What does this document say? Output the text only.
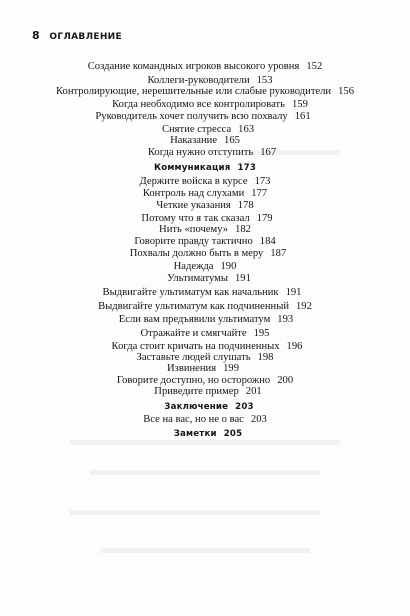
8 ОГЛАВЛЕНИЕ
Создание командных игроков высокого уровня 152
Коллеги-руководители 153
Контролирующие, нерешительные или слабые руководители 156
Когда необходимо все контролировать 159
Руководитель хочет получить всю похвалу 161
Снятие стресса 163
Наказание 165
Когда нужно отступить 167
Коммуникация 173
Держите войска в курсе 173
Контроль над слухами 177
Четкие указания 178
Потому что я так сказал 179
Нить «почему» 182
Говорите правду тактично 184
Похвалы должно быть в меру 187
Надежда 190
Ультиматумы 191
Выдвигайте ультиматум как начальник 191
Выдвигайте ультиматум как подчиненный 192
Если вам предъявили ультиматум 193
Отражайте и смягчайте 195
Когда стоит кричать на подчиненных 196
Заставьте людей слушать 198
Извинения 199
Говорите доступно, но осторожно 200
Приведите пример 201
Заключение 203
Все на вас, но не о вас 203
Заметки 205
